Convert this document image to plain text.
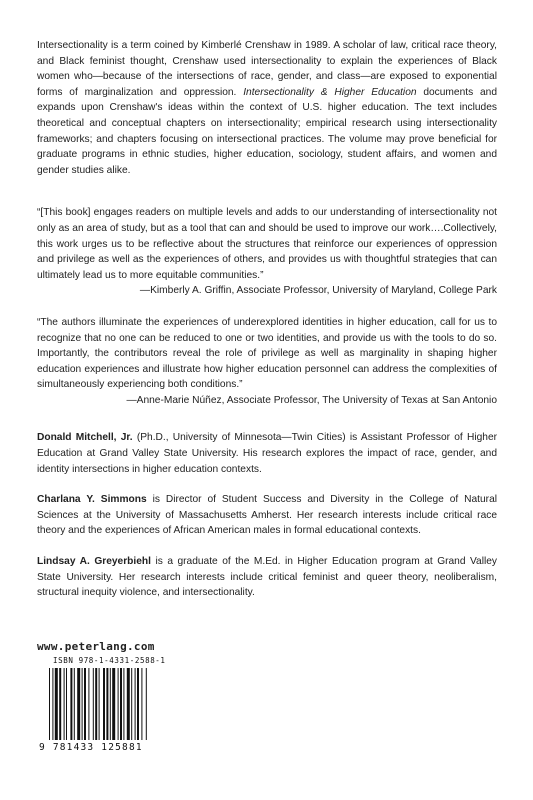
Intersectionality is a term coined by Kimberlé Crenshaw in 1989. A scholar of law, critical race theory, and Black feminist thought, Crenshaw used intersectionality to explain the experiences of Black women who—because of the intersections of race, gender, and class—are exposed to exponential forms of marginalization and oppression. Intersectionality & Higher Education documents and expands upon Crenshaw's ideas within the context of U.S. higher education. The text includes theoretical and conceptual chapters on intersectionality; empirical research using intersectionality frameworks; and chapters focusing on intersectional practices. The volume may prove beneficial for graduate programs in ethnic studies, higher education, sociology, student affairs, and women and gender studies alike.

“[This book] engages readers on multiple levels and adds to our understanding of intersectionality not only as an area of study, but as a tool that can and should be used to improve our work….Collectively, this work urges us to be reflective about the structures that reinforce our experiences of oppression and privilege as well as the experiences of others, and provides us with thoughtful strategies that can ultimately lead us to more equitable communities.”
—Kimberly A. Griffin, Associate Professor, University of Maryland, College Park

“The authors illuminate the experiences of underexplored identities in higher education, call for us to recognize that no one can be reduced to one or two identities, and provide us with the tools to do so. Importantly, the contributors reveal the role of privilege as well as marginality in shaping higher education experiences and illustrate how higher education personnel can address the complexities of simultaneously experiencing both conditions.”
—Anne-Marie Núñez, Associate Professor, The University of Texas at San Antonio

Donald Mitchell, Jr. (Ph.D., University of Minnesota—Twin Cities) is Assistant Professor of Higher Education at Grand Valley State University. His research explores the impact of race, gender, and identity intersections in higher education contexts.

Charlana Y. Simmons is Director of Student Success and Diversity in the College of Natural Sciences at the University of Massachusetts Amherst. Her research interests include critical race theory and the experiences of African American males in formal educational contexts.

Lindsay A. Greyerbiehl is a graduate of the M.Ed. in Higher Education program at Grand Valley State University. Her research interests include critical feminist and queer theory, neoliberalism, structural inequity violence, and intersectionality.

www.peterlang.com
ISBN 978-1-4331-2588-1
9 781433 125881
